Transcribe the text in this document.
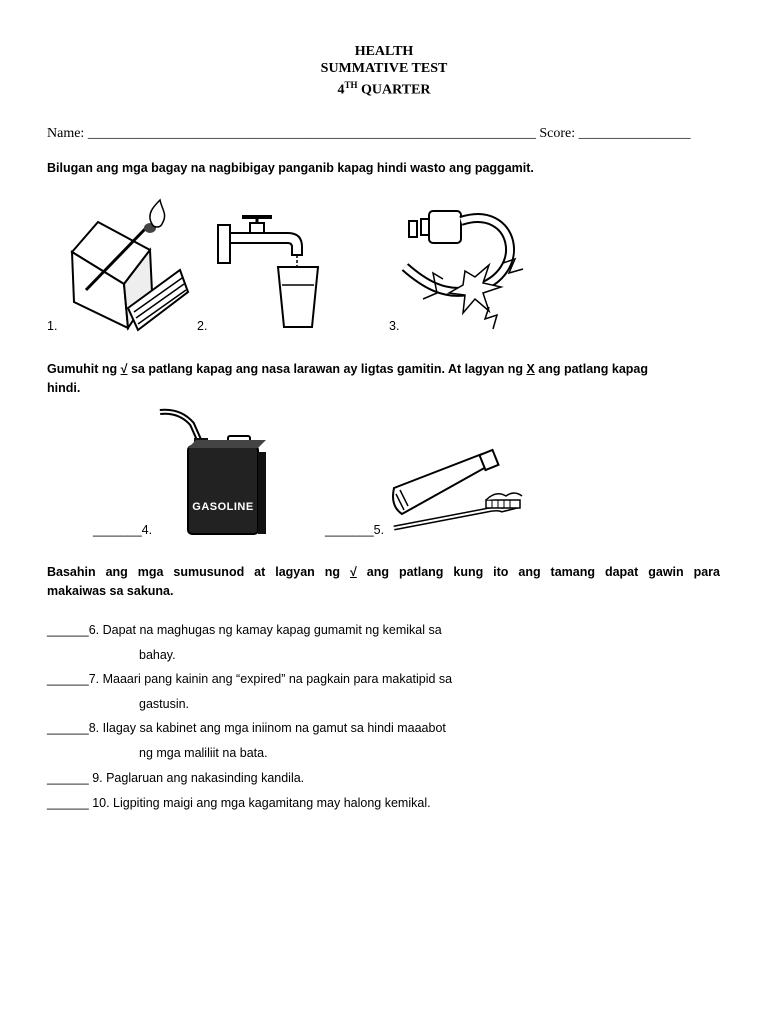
HEALTH
SUMMATIVE TEST
4TH QUARTER
Name: ________________________________________________________________ Score: ________________
Bilugan ang mga bagay na nagbibigay panganib kapag hindi wasto ang paggamit.
1.	2.	3.
Gumuhit ng √ sa patlang kapag ang nasa larawan ay ligtas gamitin. At lagyan ng X ang patlang kapag
hindi.
GASOLINE
_______4.	_______5.
Basahin ang mga sumusunod at lagyan ng √ ang patlang kung ito ang tamang dapat gawin para
makaiwas sa sakuna.
______6. Dapat na maghugas ng kamay kapag gumamit ng kemikal sa
bahay.
______7. Maaari pang kainin ang “expired” na pagkain para makatipid sa
gastusin.
______8. Ilagay sa kabinet ang mga iniinom na gamut sa hindi maaabot
ng mga maliliit na bata.
______ 9. Paglaruan ang nakasinding kandila.
______ 10. Ligpiting maigi ang mga kagamitang may halong kemikal.
